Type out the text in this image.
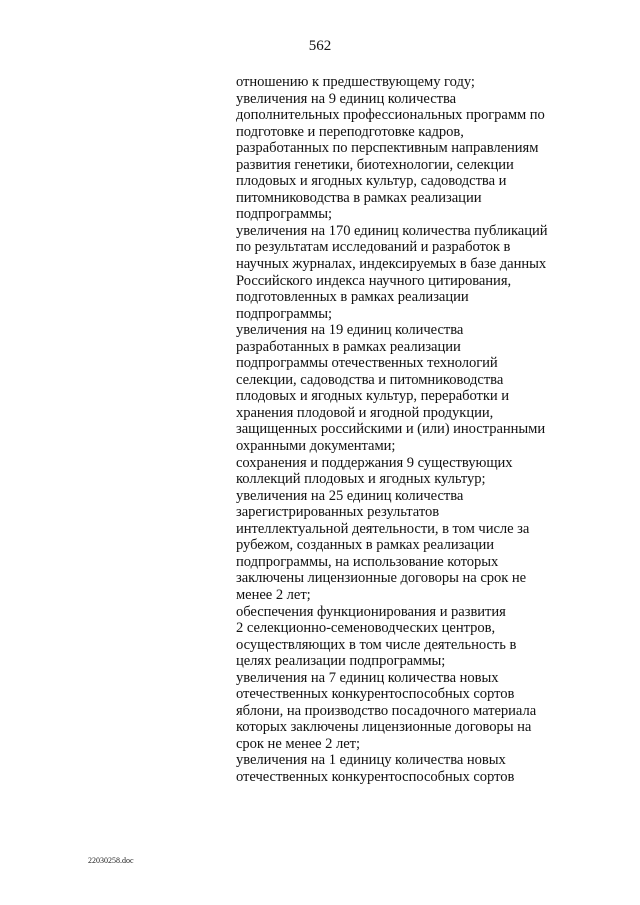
562
отношению к предшествующему году;
увеличения на 9 единиц количества
дополнительных профессиональных программ по
подготовке и переподготовке кадров,
разработанных по перспективным направлениям
развития генетики, биотехнологии, селекции
плодовых и ягодных культур, садоводства и
питомниководства в рамках реализации
подпрограммы;
увеличения на 170 единиц количества публикаций
по результатам исследований и разработок в
научных журналах, индексируемых в базе данных
Российского индекса научного цитирования,
подготовленных в рамках реализации
подпрограммы;
увеличения на 19 единиц количества
разработанных в рамках реализации
подпрограммы отечественных технологий
селекции, садоводства и питомниководства
плодовых и ягодных культур, переработки и
хранения плодовой и ягодной продукции,
защищенных российскими и (или) иностранными
охранными документами;
сохранения и поддержания 9 существующих
коллекций плодовых и ягодных культур;
увеличения на 25 единиц количества
зарегистрированных результатов
интеллектуальной деятельности, в том числе за
рубежом, созданных в рамках реализации
подпрограммы, на использование которых
заключены лицензионные договоры на срок не
менее 2 лет;
обеспечения функционирования и развития
2 селекционно-семеноводческих центров,
осуществляющих в том числе деятельность в
целях реализации подпрограммы;
увеличения на 7 единиц количества новых
отечественных конкурентоспособных сортов
яблони, на производство посадочного материала
которых заключены лицензионные договоры на
срок не менее 2 лет;
увеличения на 1 единицу количества новых
отечественных конкурентоспособных сортов
22030258.doc
